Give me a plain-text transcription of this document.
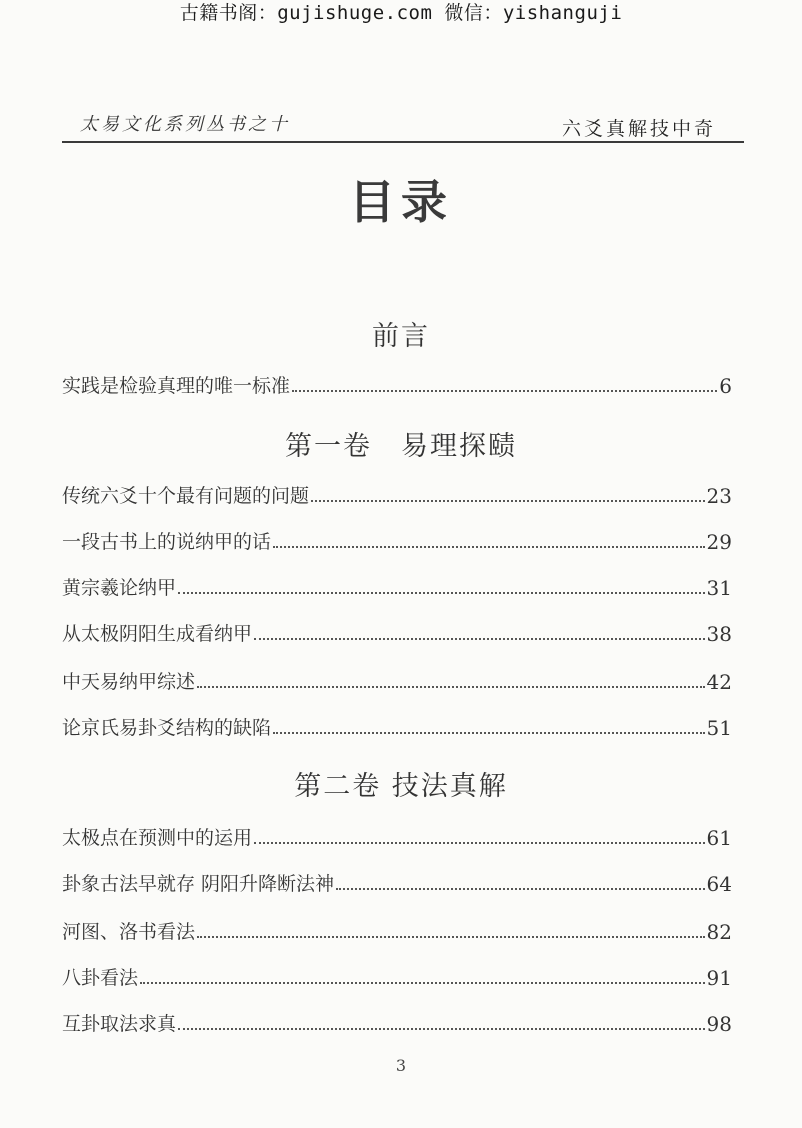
古籍书阁：gujishuge.com 微信：yishanguji
太易文化系列丛书之十	六爻真解技中奇
目录
前言
实践是检验真理的唯一标准	6
第一卷　易理探赜
传统六爻十个最有问题的问题	23
一段古书上的说纳甲的话	29
黄宗羲论纳甲	31
从太极阴阳生成看纳甲	38
中天易纳甲综述	42
论京氏易卦爻结构的缺陷	51
第二卷 技法真解
太极点在预测中的运用	61
卦象古法早就存 阴阳升降断法神	64
河图、洛书看法	82
八卦看法	91
互卦取法求真	98
3
